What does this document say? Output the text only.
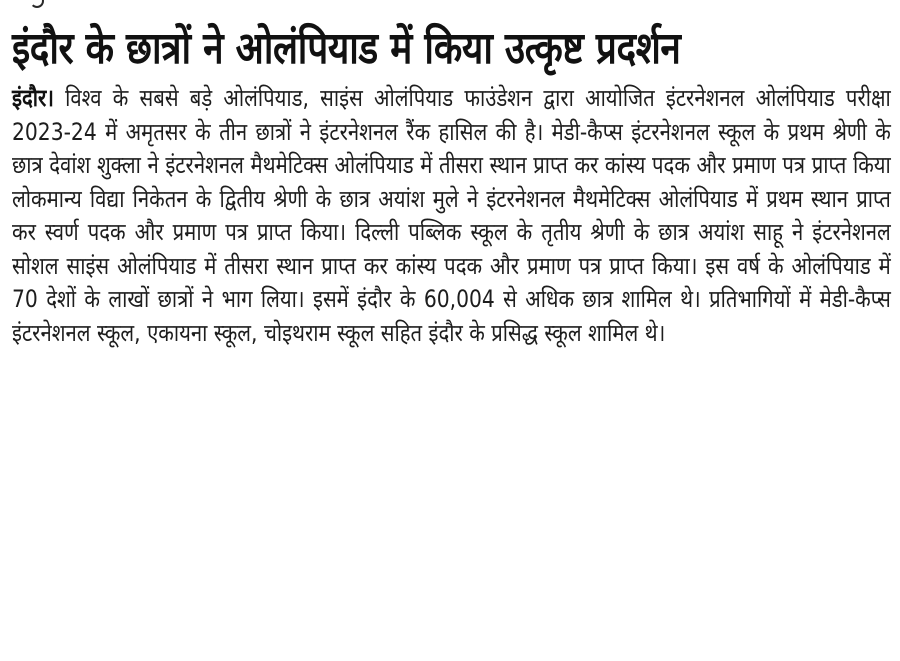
इंदौर के छात्रों ने ओलंपियाड में किया उत्कृष्ट प्रदर्शन

इंदौर। विश्व के सबसे बड़े ओलंपियाड, साइंस ओलंपियाड फाउंडेशन द्वारा आयोजित इंटरनेशनल ओलंपियाड परीक्षा 2023-24 में अमृतसर के तीन छात्रों ने इंटरनेशनल रैंक हासिल की है। मेडी-कैप्स इंटरनेशनल स्कूल के प्रथम श्रेणी के छात्र देवांश शुक्ला ने इंटरनेशनल मैथमेटिक्स ओलंपियाड में तीसरा स्थान प्राप्त कर कांस्य पदक और प्रमाण पत्र प्राप्त किया लोकमान्य विद्या निकेतन के द्वितीय श्रेणी के छात्र अयांश मुले ने इंटरनेशनल मैथमेटिक्स ओलंपियाड में प्रथम स्थान प्राप्त कर स्वर्ण पदक और प्रमाण पत्र प्राप्त किया। दिल्ली पब्लिक स्कूल के तृतीय श्रेणी के छात्र अयांश साहू ने इंटरनेशनल सोशल साइंस ओलंपियाड में तीसरा स्थान प्राप्त कर कांस्य पदक और प्रमाण पत्र प्राप्त किया। इस वर्ष के ओलंपियाड में 70 देशों के लाखों छात्रों ने भाग लिया। इसमें इंदौर के 60,004 से अधिक छात्र शामिल थे। प्रतिभागियों में मेडी-कैप्स इंटरनेशनल स्कूल, एकायना स्कूल, चोइथराम स्कूल सहित इंदौर के प्रसिद्ध स्कूल शामिल थे।
